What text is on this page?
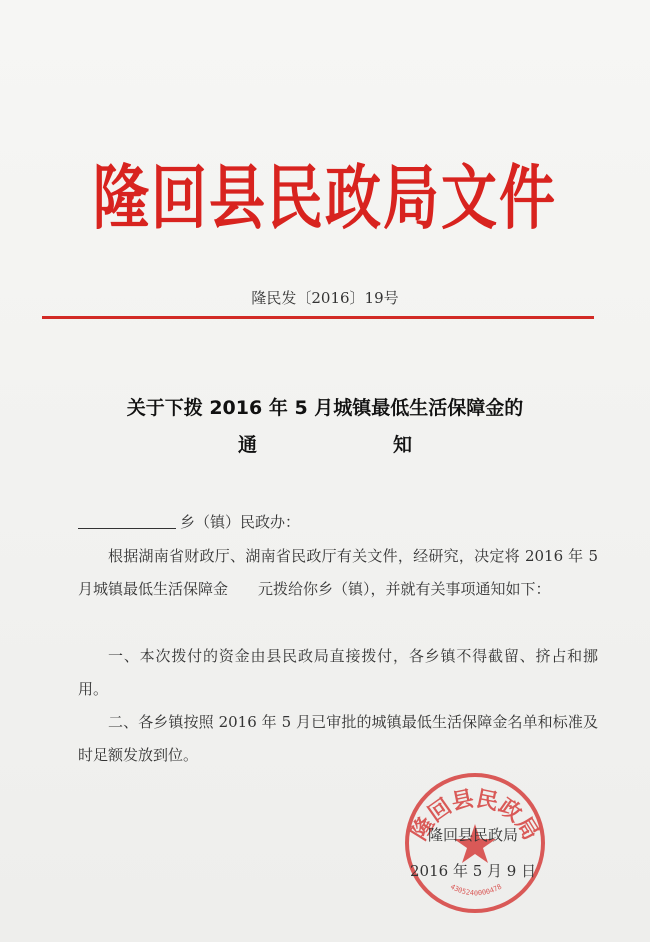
隆回县民政局文件
隆民发〔2016〕19号
关于下拨 2016 年 5 月城镇最低生活保障金的
通	知
乡（镇）民政办：
根据湖南省财政厅、湖南省民政厅有关文件，经研究，决定将 2016 年 5 月城镇最低生活保障金　　元拨给你乡（镇），并就有关事项通知如下：
一、本次拨付的资金由县民政局直接拨付，各乡镇不得截留、挤占和挪用。
二、各乡镇按照 2016 年 5 月已审批的城镇最低生活保障金名单和标准及时足额发放到位。
隆回县民政局
4305240000478
隆回县民政局
2016 年 5 月 9 日
